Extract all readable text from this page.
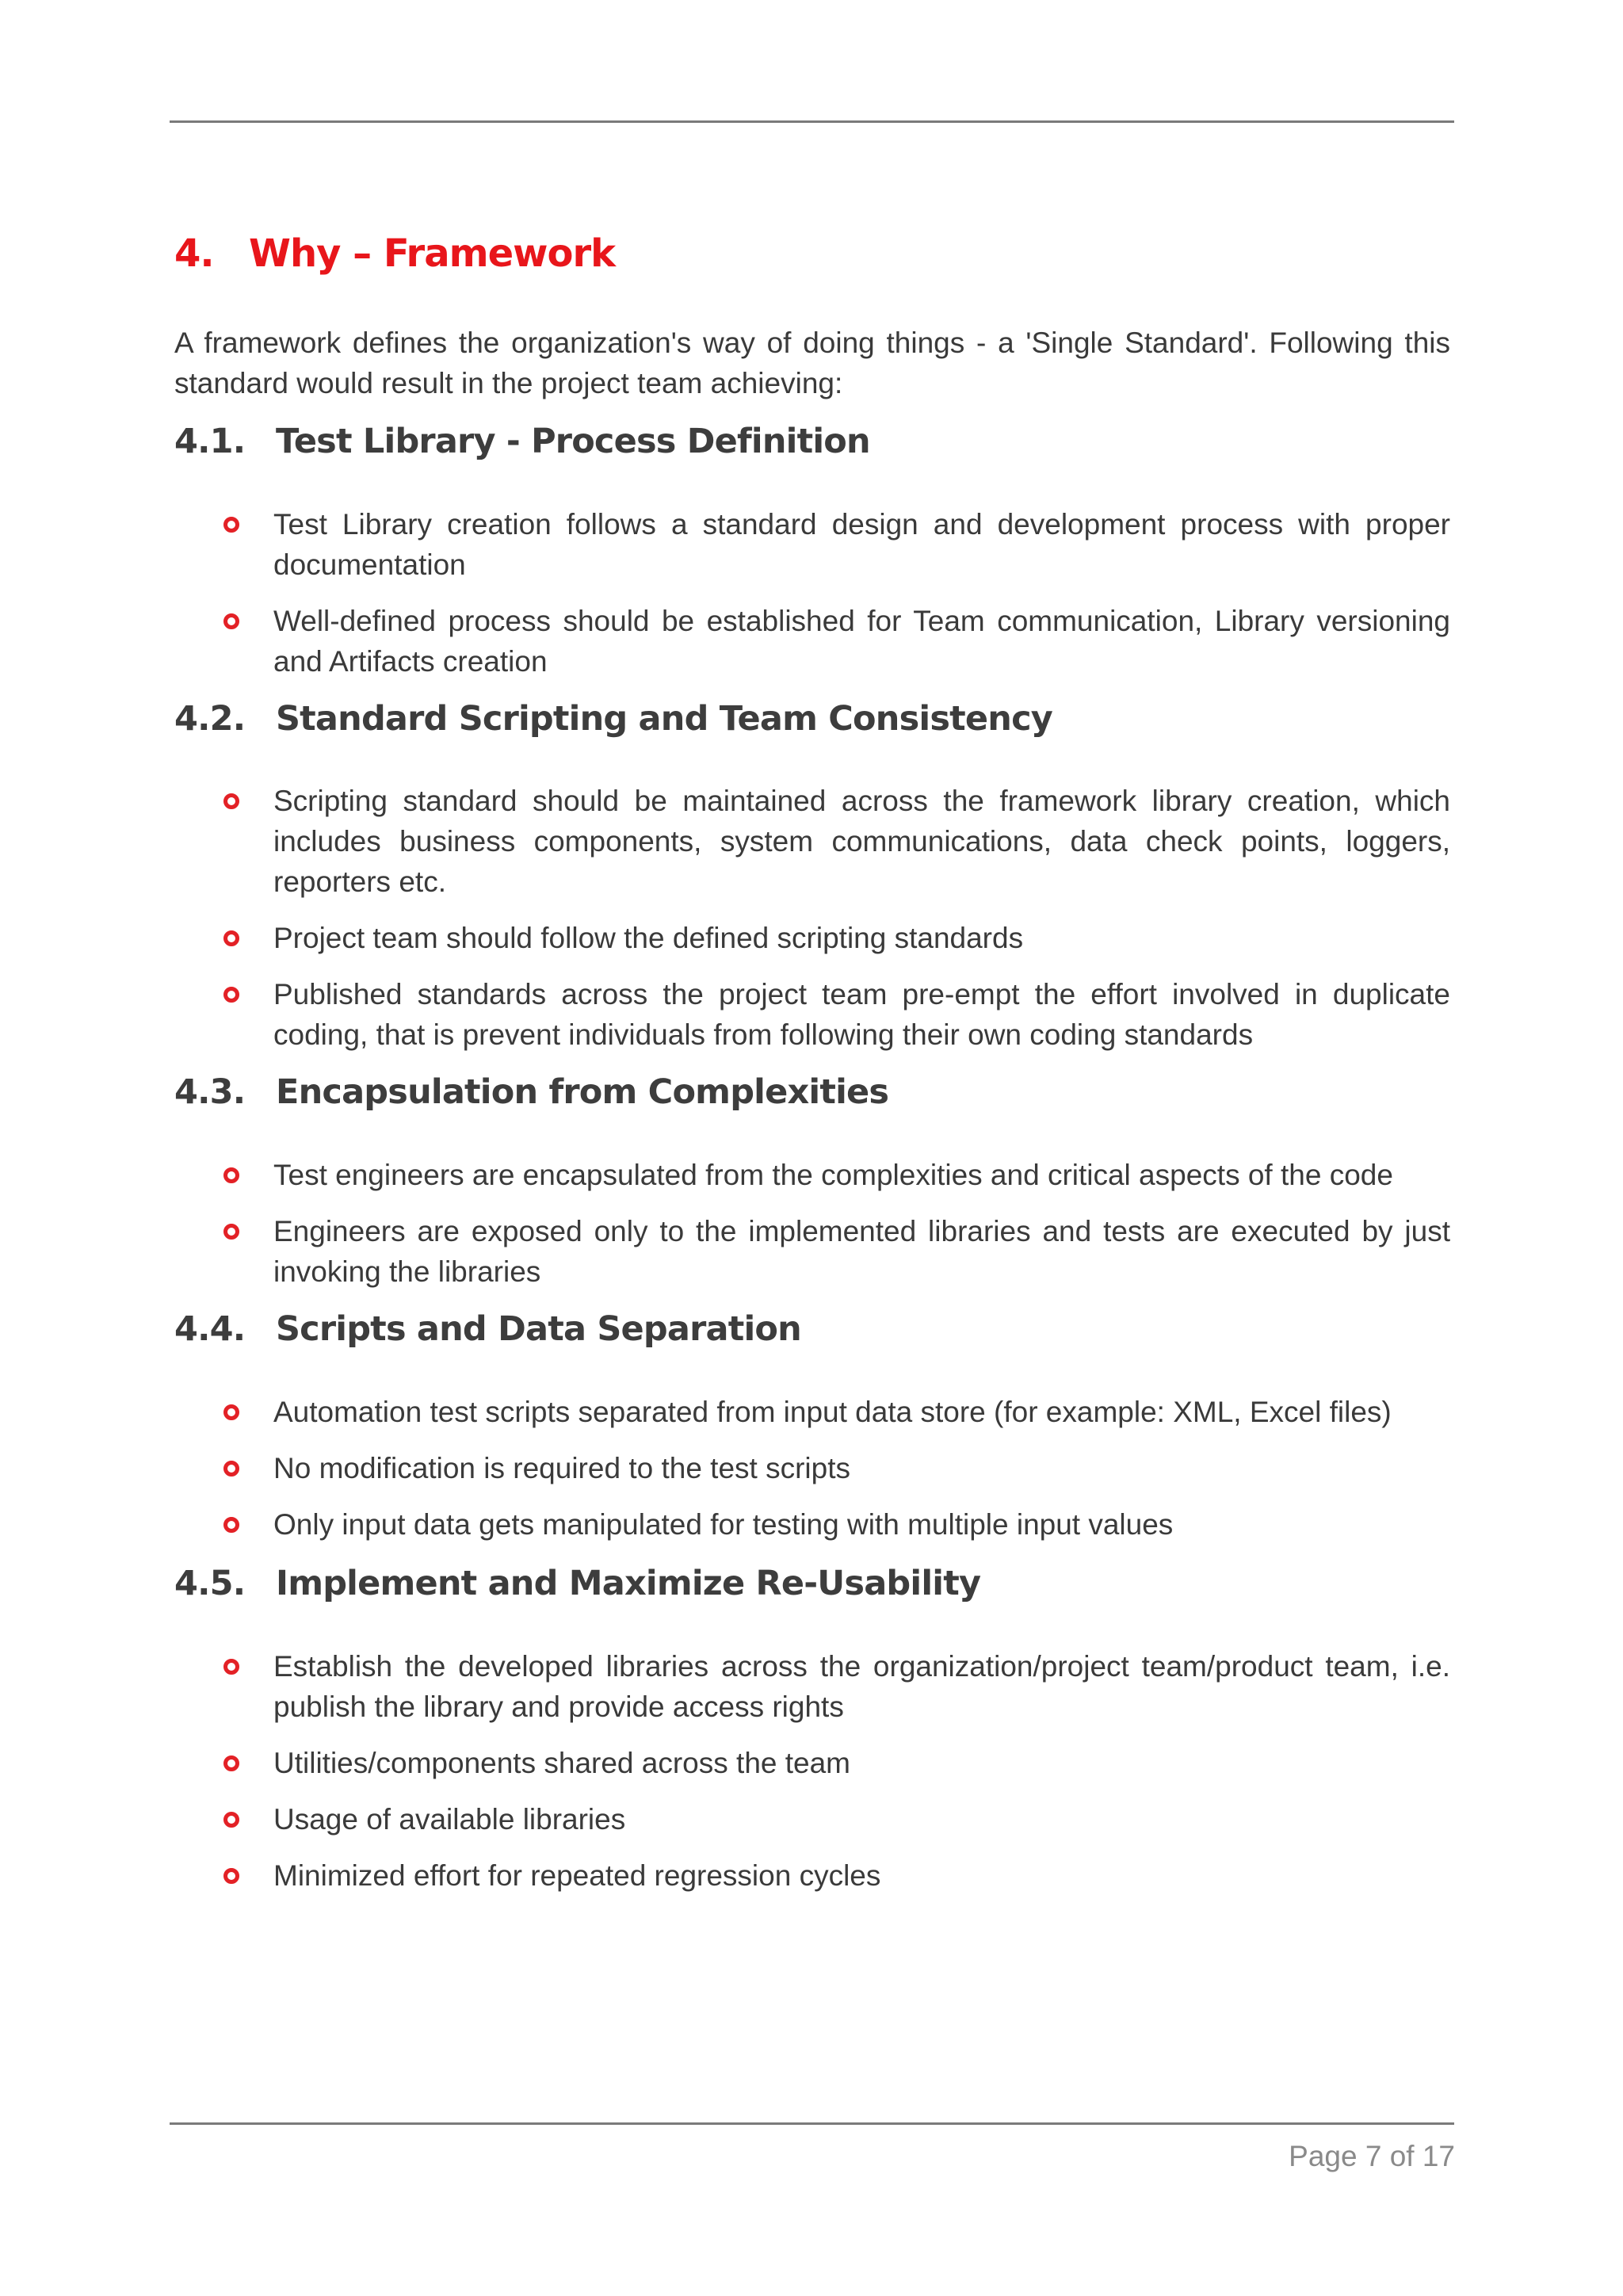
4. Why – Framework

A framework defines the organization's way of doing things - a 'Single Standard'. Following this standard would result in the project team achieving:

4.1. Test Library - Process Definition
Test Library creation follows a standard design and development process with proper documentation
Well-defined process should be established for Team communication, Library versioning and Artifacts creation
4.2. Standard Scripting and Team Consistency
Scripting standard should be maintained across the framework library creation, which includes business components, system communications, data check points, loggers, reporters etc.
Project team should follow the defined scripting standards
Published standards across the project team pre-empt the effort involved in duplicate coding, that is prevent individuals from following their own coding standards
4.3. Encapsulation from Complexities
Test engineers are encapsulated from the complexities and critical aspects of the code
Engineers are exposed only to the implemented libraries and tests are executed by just invoking the libraries
4.4. Scripts and Data Separation
Automation test scripts separated from input data store (for example: XML, Excel files)
No modification is required to the test scripts
Only input data gets manipulated for testing with multiple input values
4.5. Implement and Maximize Re-Usability
Establish the developed libraries across the organization/project team/product team, i.e. publish the library and provide access rights
Utilities/components shared across the team
Usage of available libraries
Minimized effort for repeated regression cycles
Page 7 of 17
